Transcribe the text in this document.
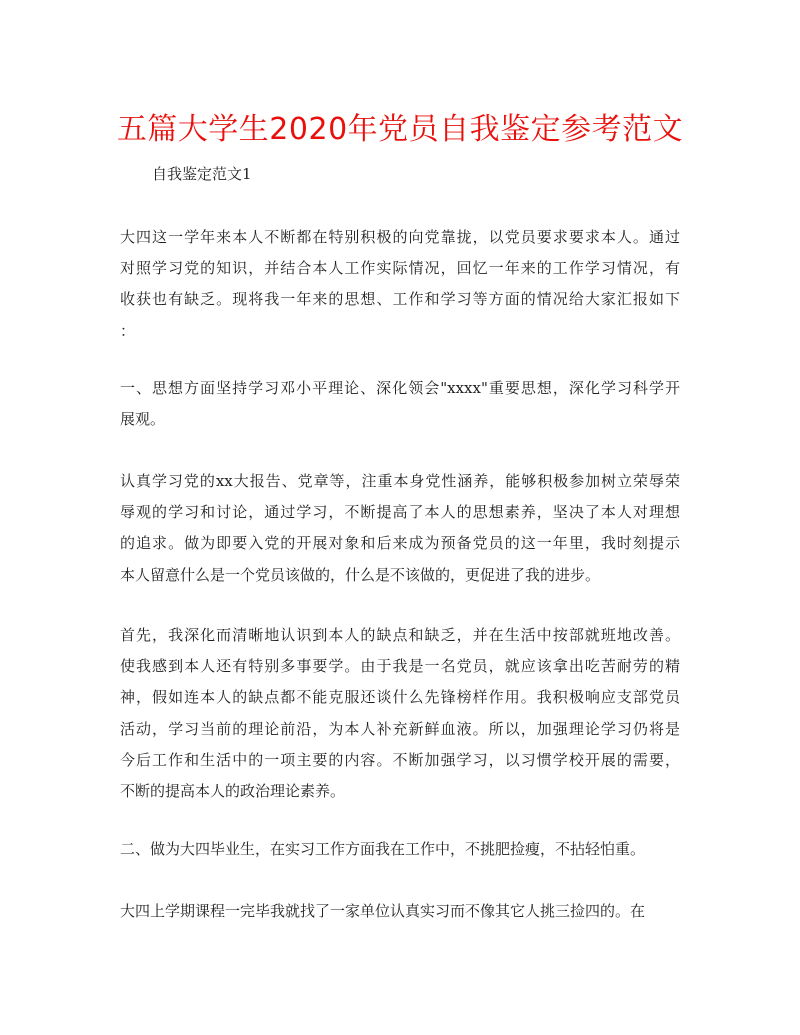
五篇大学生2020年党员自我鉴定参考范文
自我鉴定范文1
大四这一学年来本人不断都在特别积极的向党靠拢，以党员要求要求本人。通过
对照学习党的知识，并结合本人工作实际情况，回忆一年来的工作学习情况，有
收获也有缺乏。现将我一年来的思想、工作和学习等方面的情况给大家汇报如下
：
一、思想方面坚持学习邓小平理论、深化领会"xxxx"重要思想，深化学习科学开
展观。
认真学习党的xx大报告、党章等，注重本身党性涵养，能够积极参加树立荣辱荣
辱观的学习和讨论，通过学习，不断提高了本人的思想素养，坚决了本人对理想
的追求。做为即要入党的开展对象和后来成为预备党员的这一年里，我时刻提示
本人留意什么是一个党员该做的，什么是不该做的，更促进了我的进步。
首先，我深化而清晰地认识到本人的缺点和缺乏，并在生活中按部就班地改善。
使我感到本人还有特别多事要学。由于我是一名党员，就应该拿出吃苦耐劳的精
神，假如连本人的缺点都不能克服还谈什么先锋榜样作用。我积极响应支部党员
活动，学习当前的理论前沿，为本人补充新鲜血液。所以，加强理论学习仍将是
今后工作和生活中的一项主要的内容。不断加强学习，以习惯学校开展的需要，
不断的提高本人的政治理论素养。
二、做为大四毕业生，在实习工作方面我在工作中，不挑肥捡瘦，不拈轻怕重。
大四上学期课程一完毕我就找了一家单位认真实习而不像其它人挑三捡四的。在
